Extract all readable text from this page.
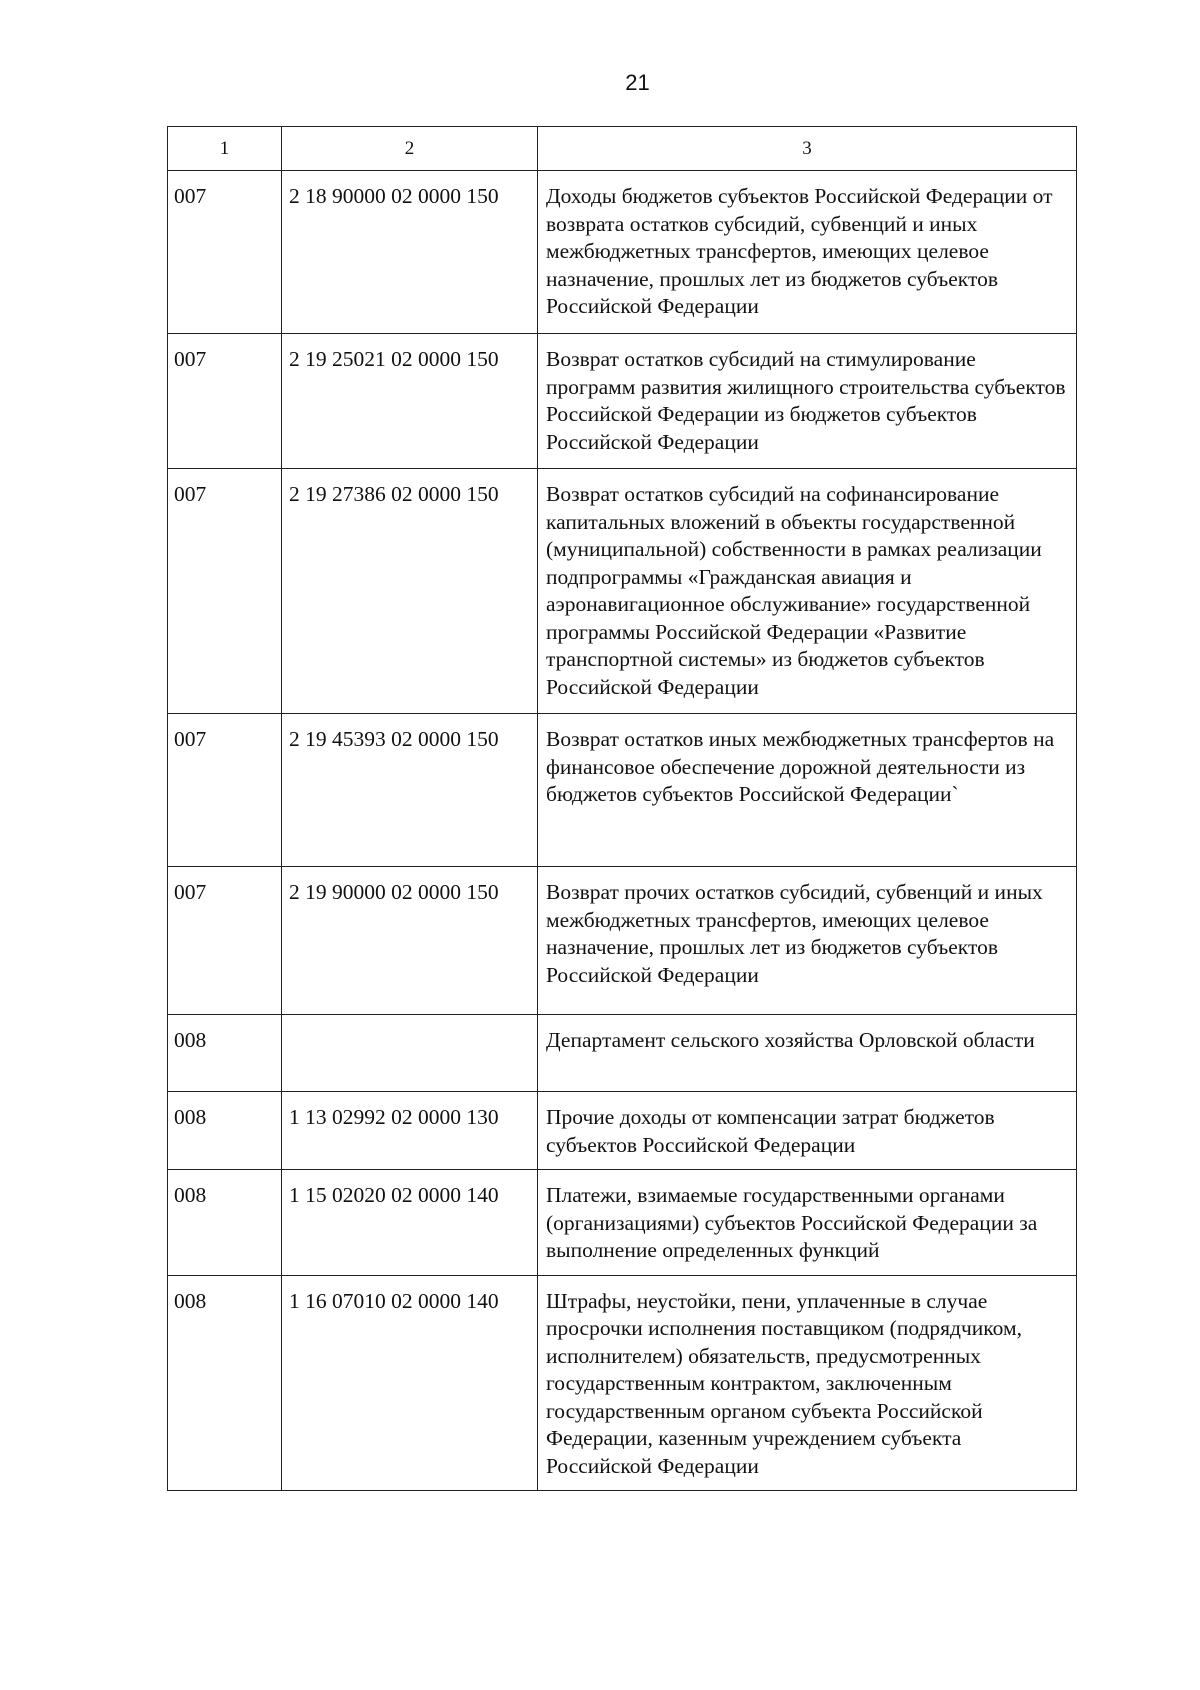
21
1	2	3
007	2 18 90000 02 0000 150	Доходы бюджетов субъектов Российской Федерации от возврата остатков субсидий, субвенций и иных межбюджетных трансфертов, имеющих целевое назначение, прошлых лет из бюджетов субъектов Российской Федерации
007	2 19 25021 02 0000 150	Возврат остатков субсидий на стимулирование программ развития жилищного строительства субъектов Российской Федерации из бюджетов субъектов Российской Федерации
007	2 19 27386 02 0000 150	Возврат остатков субсидий на софинансирование капитальных вложений в объекты государственной (муниципальной) собственности в рамках реализации подпрограммы «Гражданская авиация и аэронавигационное обслуживание» государственной программы Российской Федерации «Развитие транспортной системы» из бюджетов субъектов Российской Федерации
007	2 19 45393 02 0000 150	Возврат остатков иных межбюджетных трансфертов на финансовое обеспечение дорожной деятельности из бюджетов субъектов Российской Федерации`
007	2 19 90000 02 0000 150	Возврат прочих остатков субсидий, субвенций и иных межбюджетных трансфертов, имеющих целевое назначение, прошлых лет из бюджетов субъектов Российской Федерации
008		Департамент сельского хозяйства Орловской области
008	1 13 02992 02 0000 130	Прочие доходы от компенсации затрат бюджетов субъектов Российской Федерации
008	1 15 02020 02 0000 140	Платежи, взимаемые государственными органами (организациями) субъектов Российской Федерации за выполнение определенных функций
008	1 16 07010 02 0000 140	Штрафы, неустойки, пени, уплаченные в случае просрочки исполнения поставщиком (подрядчиком, исполнителем) обязательств, предусмотренных государственным контрактом, заключенным государственным органом субъекта Российской Федерации, казенным учреждением субъекта Российской Федерации
